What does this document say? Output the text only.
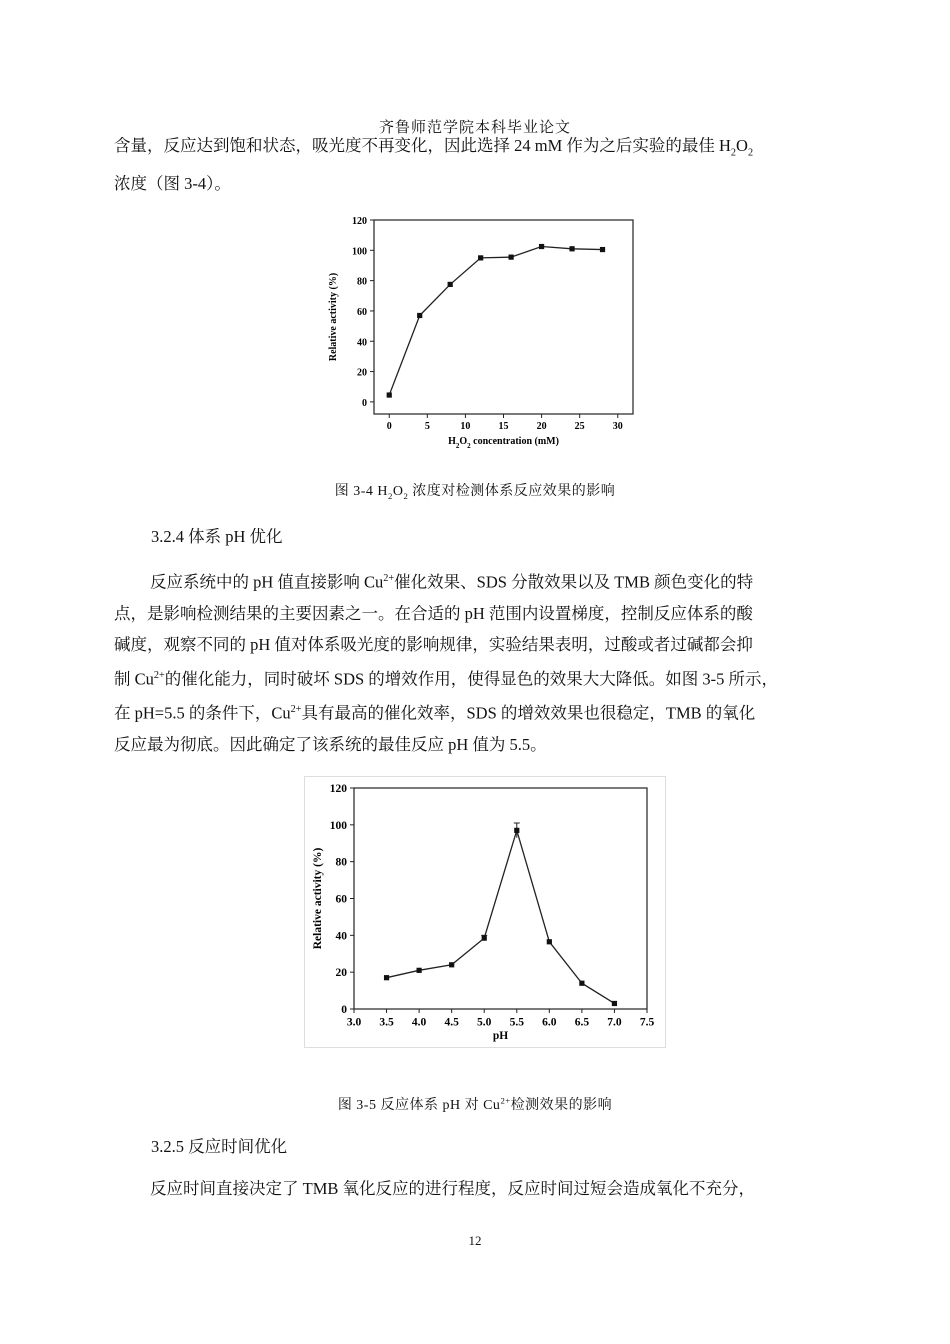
齐鲁师范学院本科毕业论文
含量，反应达到饱和状态，吸光度不再变化，因此选择 24 mM 作为之后实验的最佳 $H_2O_2$
浓度（图 3-4）。
0
20
40
60
80
100
120
0	5	10	15	20	25	30
Relative activity (%)
$H_2O_2$ concentration (mM)
图 3-4 $H_2O_2$ 浓度对检测体系反应效果的影响
3.2.4 体系 pH 优化
反应系统中的 pH 值直接影响 $Cu^{2+}$催化效果、SDS 分散效果以及 TMB 颜色变化的特
点，是影响检测结果的主要因素之一。在合适的 pH 范围内设置梯度，控制反应体系的酸
碱度，观察不同的 pH 值对体系吸光度的影响规律，实验结果表明，过酸或者过碱都会抑
制 $Cu^{2+}$的催化能力，同时破坏 SDS 的增效作用，使得显色的效果大大降低。如图 3-5 所示，
在 pH=5.5 的条件下，$Cu^{2+}$具有最高的催化效率，SDS 的增效效果也很稳定，TMB 的氧化
反应最为彻底。因此确定了该系统的最佳反应 pH 值为 5.5。
0
20
40
60
80
100
120
3.0 3.5 4.0 4.5 5.0 5.5 6.0 6.5 7.0 7.5
Relative activity (%)
pH
图 3-5 反应体系 pH 对 $Cu^{2+}$检测效果的影响
3.2.5 反应时间优化
反应时间直接决定了 TMB 氧化反应的进行程度，反应时间过短会造成氧化不充分，
12
